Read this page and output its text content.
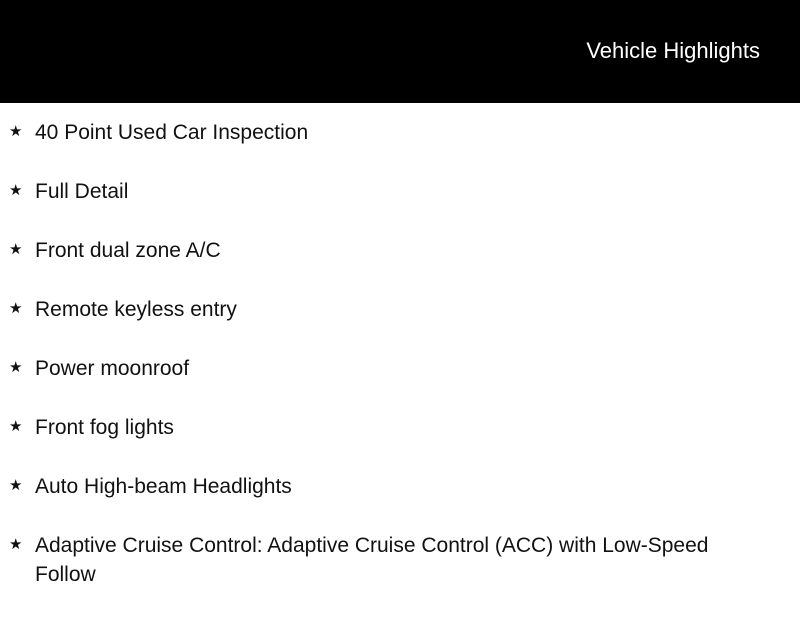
Vehicle Highlights
★ 40 Point Used Car Inspection
★ Full Detail
★ Front dual zone A/C
★ Remote keyless entry
★ Power moonroof
★ Front fog lights
★ Auto High-beam Headlights
★ Adaptive Cruise Control: Adaptive Cruise Control (ACC) with Low-Speed Follow
